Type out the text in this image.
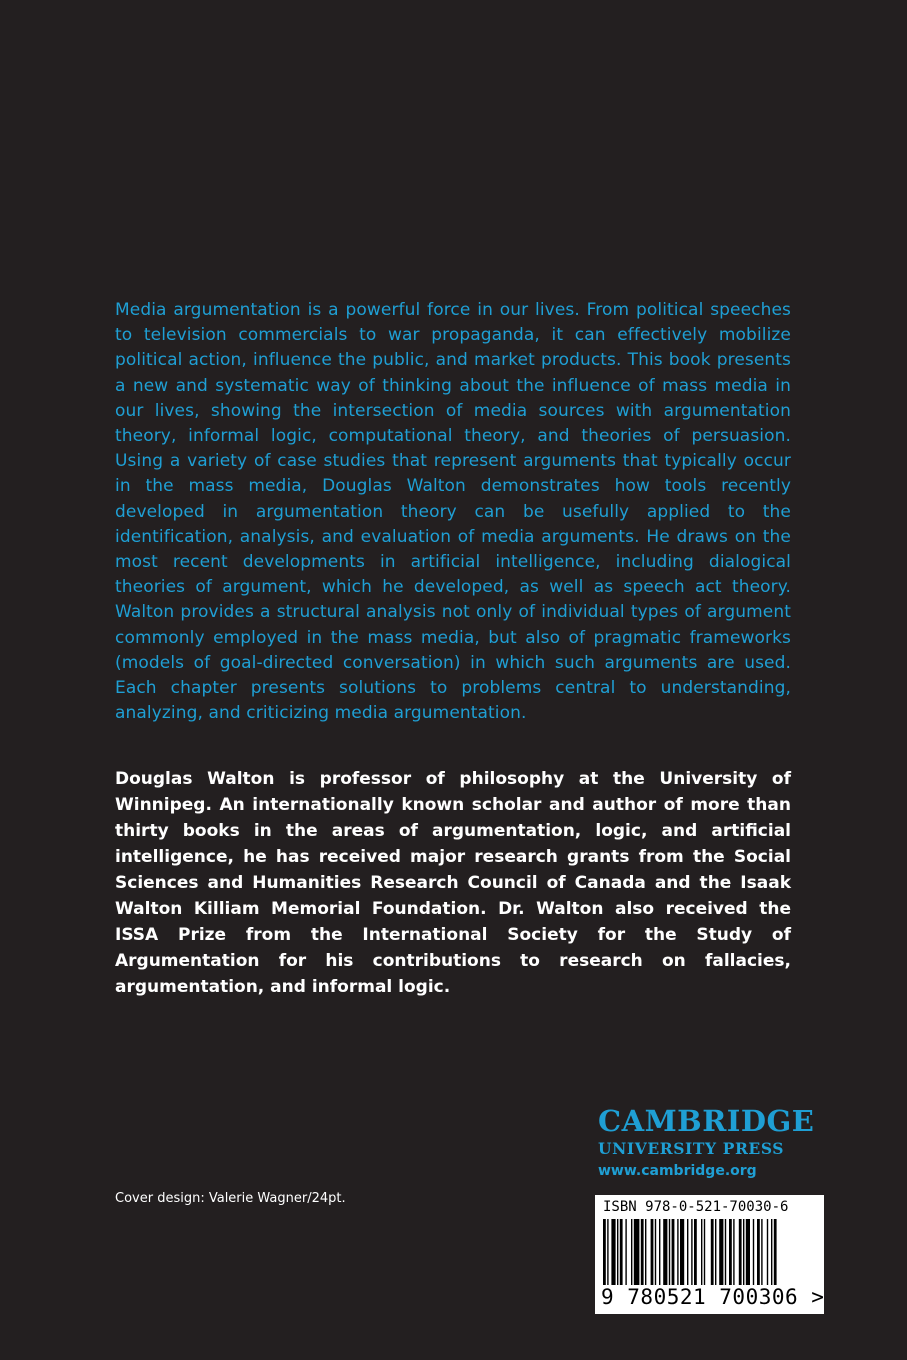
Media argumentation is a powerful force in our lives. From political speeches to television commercials to war propaganda, it can effectively mobilize political action, influence the public, and market products. This book presents a new and systematic way of thinking about the influence of mass media in our lives, showing the intersection of media sources with argumentation theory, informal logic, computational theory, and theories of persuasion. Using a variety of case studies that represent arguments that typically occur in the mass media, Douglas Walton demonstrates how tools recently developed in argumentation theory can be usefully applied to the identification, analysis, and evaluation of media arguments. He draws on the most recent developments in artificial intelligence, including dialogical theories of argument, which he developed, as well as speech act theory. Walton provides a structural analysis not only of individual types of argument commonly employed in the mass media, but also of pragmatic frameworks (models of goal-directed conversation) in which such arguments are used. Each chapter presents solutions to problems central to understanding, analyzing, and criticizing media argumentation.

Douglas Walton is professor of philosophy at the University of Winnipeg. An internationally known scholar and author of more than thirty books in the areas of argumentation, logic, and artificial intelligence, he has received major research grants from the Social Sciences and Humanities Research Council of Canada and the Isaak Walton Killiam Memorial Foundation. Dr. Walton also received the ISSA Prize from the International Society for the Study of Argumentation for his contributions to research on fallacies, argumentation, and informal logic.

CAMBRIDGE
UNIVERSITY PRESS
www.cambridge.org
Cover design: Valerie Wagner/24pt.
ISBN 978-0-521-70030-6
9 780521 700306 >
